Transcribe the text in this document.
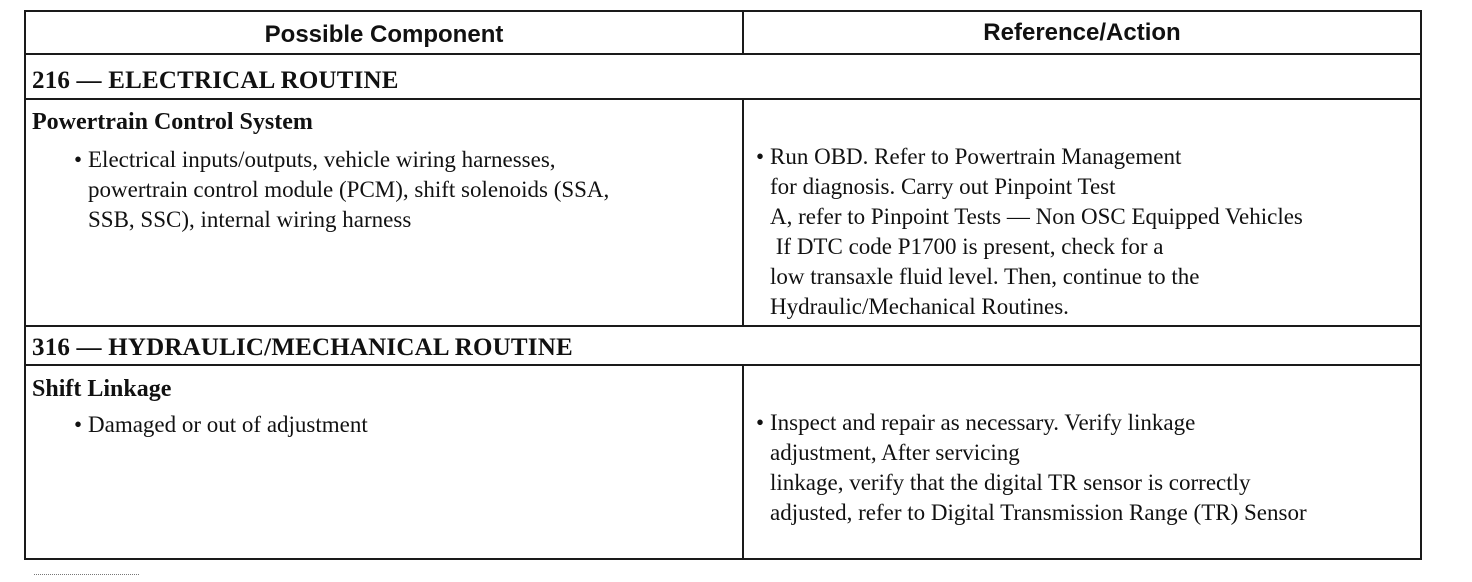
Possible Component	Reference/Action
216 — ELECTRICAL ROUTINE
Powertrain Control System
• Electrical inputs/outputs, vehicle wiring harnesses,
powertrain control module (PCM), shift solenoids (SSA,
SSB, SSC), internal wiring harness
• Run OBD. Refer to Powertrain Management
for diagnosis. Carry out Pinpoint Test
A, refer to Pinpoint Tests — Non OSC Equipped Vehicles
If DTC code P1700 is present, check for a
low transaxle fluid level. Then, continue to the
Hydraulic/Mechanical Routines.
316 — HYDRAULIC/MECHANICAL ROUTINE
Shift Linkage
• Damaged or out of adjustment	• Inspect and repair as necessary. Verify linkage
adjustment, After servicing
linkage, verify that the digital TR sensor is correctly
adjusted, refer to Digital Transmission Range (TR) Sensor
